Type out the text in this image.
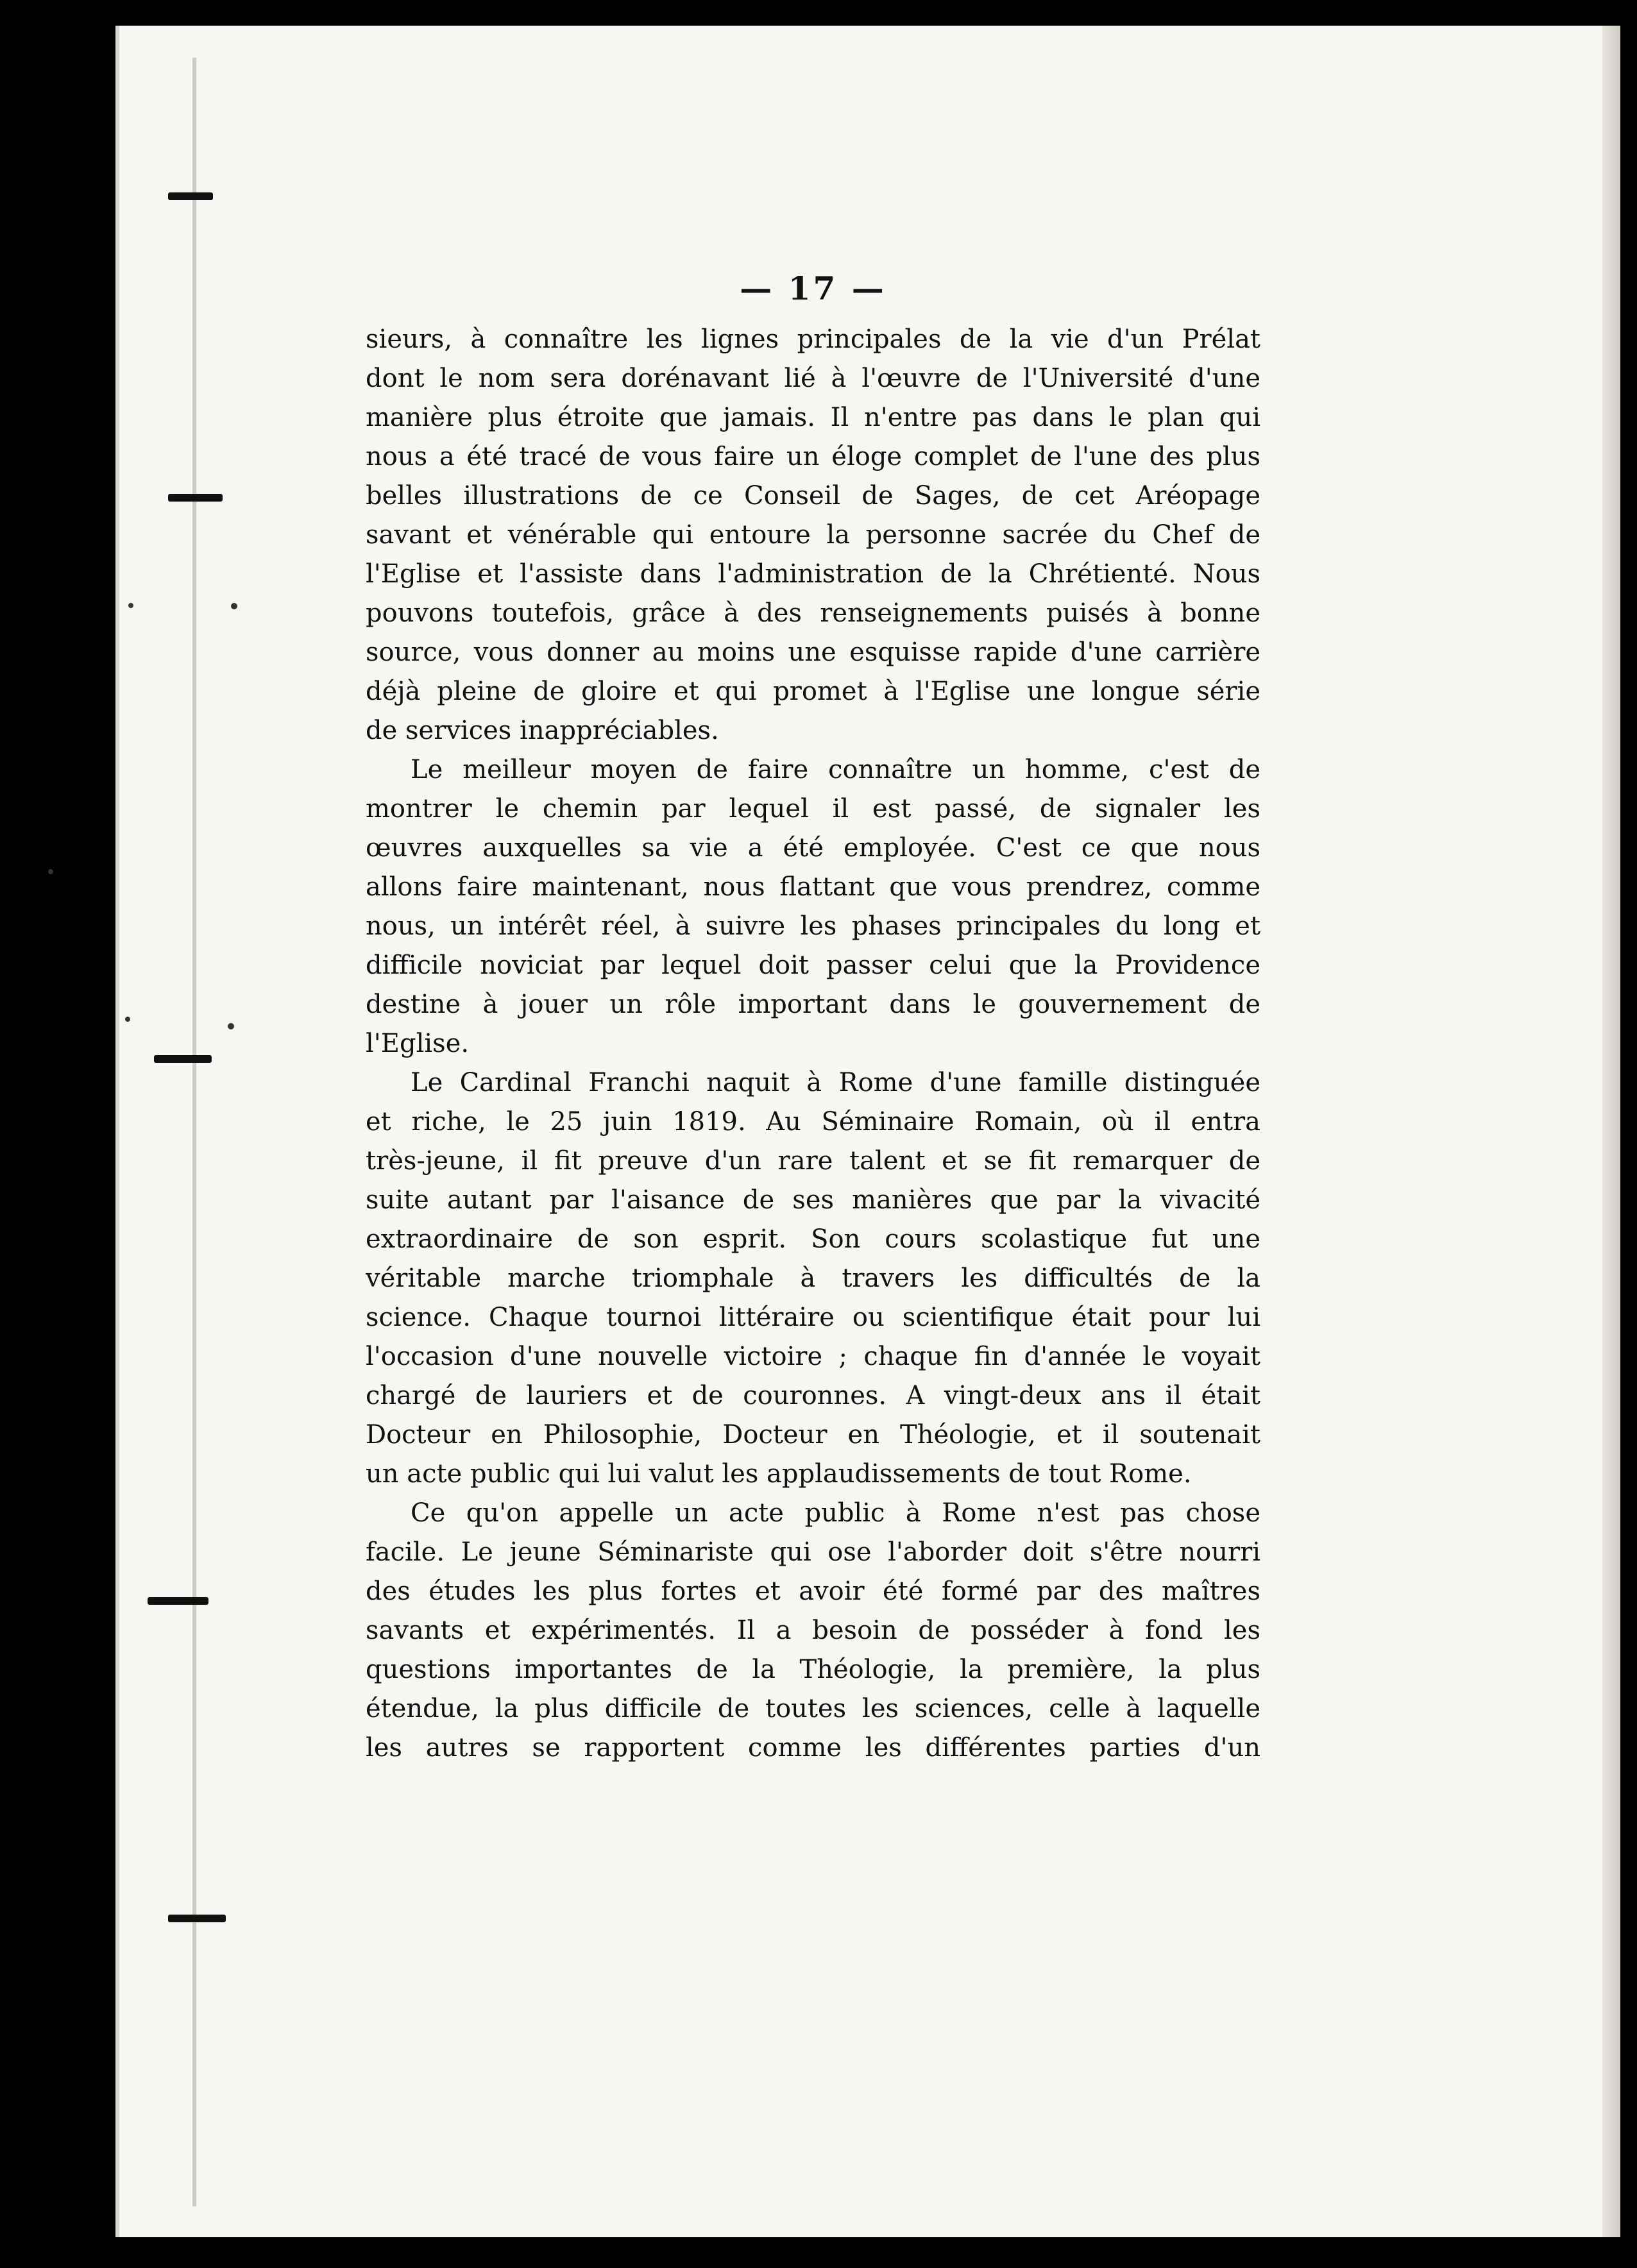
— 17 —
sieurs, à connaître les lignes principales de la vie d'un Prélat
dont le nom sera dorénavant lié à l'œuvre de l'Université d'une
manière plus étroite que jamais. Il n'entre pas dans le plan qui
nous a été tracé de vous faire un éloge complet de l'une des plus
belles illustrations de ce Conseil de Sages, de cet Aréopage
savant et vénérable qui entoure la personne sacrée du Chef de
l'Eglise et l'assiste dans l'administration de la Chrétienté. Nous
pouvons toutefois, grâce à des renseignements puisés à bonne
source, vous donner au moins une esquisse rapide d'une carrière
déjà pleine de gloire et qui promet à l'Eglise une longue série
de services inappréciables.
Le meilleur moyen de faire connaître un homme, c'est de
montrer le chemin par lequel il est passé, de signaler les
œuvres auxquelles sa vie a été employée. C'est ce que nous
allons faire maintenant, nous flattant que vous prendrez, comme
nous, un intérêt réel, à suivre les phases principales du long et
difficile noviciat par lequel doit passer celui que la Providence
destine à jouer un rôle important dans le gouvernement de
l'Eglise.
Le Cardinal Franchi naquit à Rome d'une famille distinguée
et riche, le 25 juin 1819. Au Séminaire Romain, où il entra
très-jeune, il fit preuve d'un rare talent et se fit remarquer de
suite autant par l'aisance de ses manières que par la vivacité
extraordinaire de son esprit. Son cours scolastique fut une
véritable marche triomphale à travers les difficultés de la
science. Chaque tournoi littéraire ou scientifique était pour lui
l'occasion d'une nouvelle victoire ; chaque fin d'année le voyait
chargé de lauriers et de couronnes. A vingt-deux ans il était
Docteur en Philosophie, Docteur en Théologie, et il soutenait
un acte public qui lui valut les applaudissements de tout Rome.
Ce qu'on appelle un acte public à Rome n'est pas chose
facile. Le jeune Séminariste qui ose l'aborder doit s'être nourri
des études les plus fortes et avoir été formé par des maîtres
savants et expérimentés. Il a besoin de posséder à fond les
questions importantes de la Théologie, la première, la plus
étendue, la plus difficile de toutes les sciences, celle à laquelle
les autres se rapportent comme les différentes parties d'un
